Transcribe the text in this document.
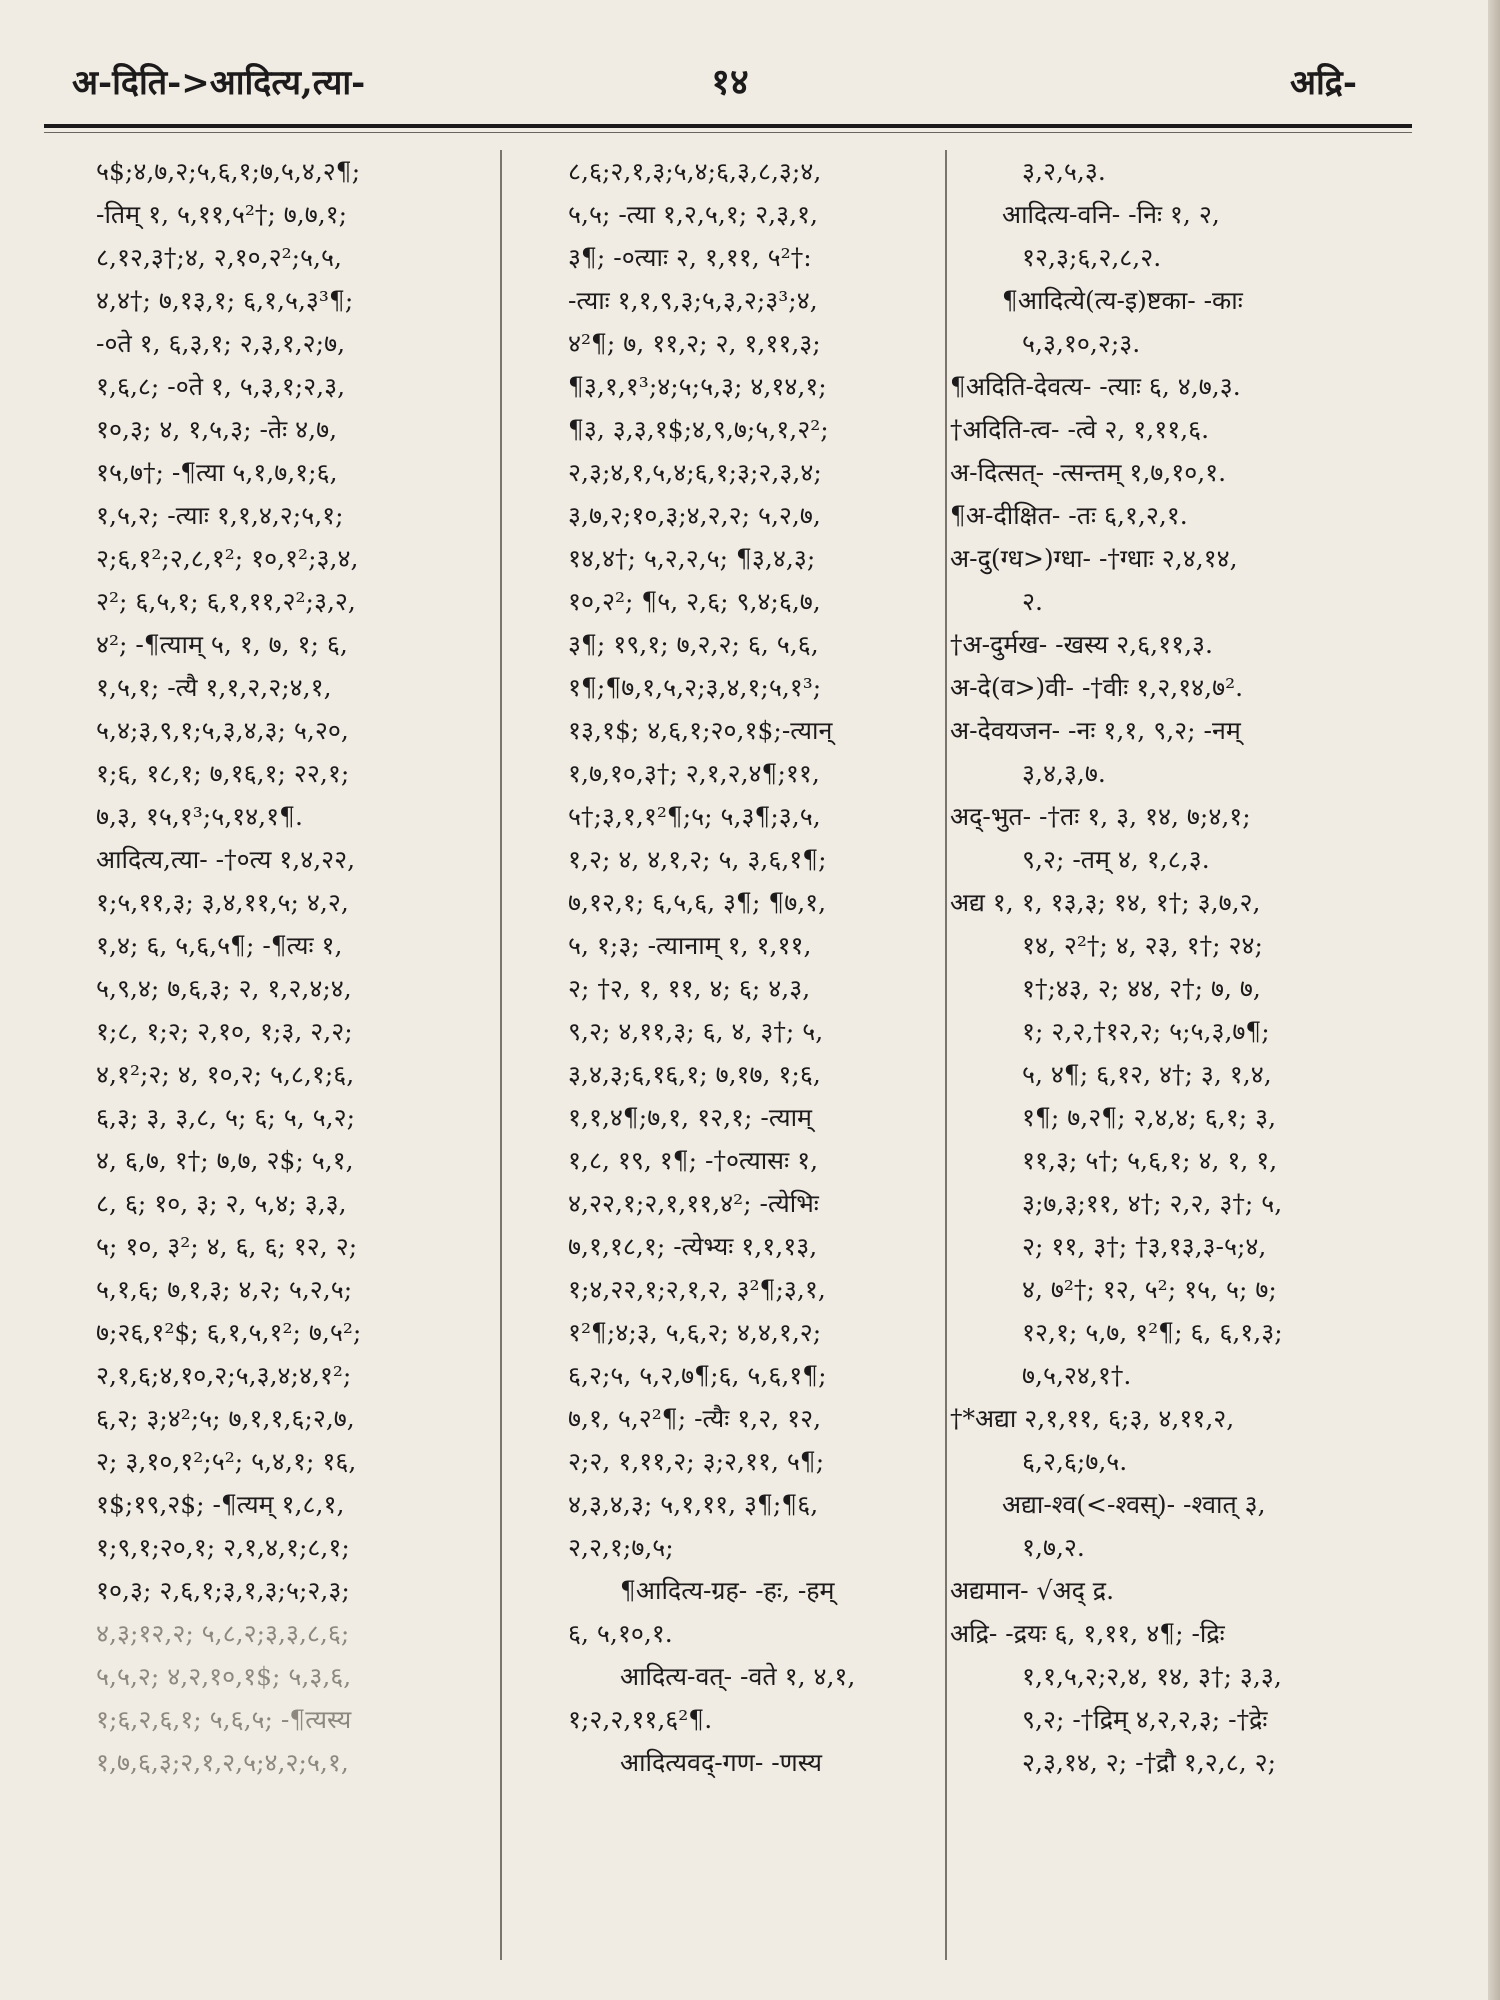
अ-दिति->आदित्य,त्या-	१४	अद्रि-
५$;४,७,२;५,६,१;७,५,४,२¶;
-तिम् १, ५,११,५²†; ७,७,१;
८,१२,३†;४, २,१०,२²;५,५,
४,४†; ७,१३,१; ६,१,५,३³¶;
-०ते १, ६,३,१; २,३,१,२;७,
१,६,८; -०ते १, ५,३,१;२,३,
१०,३; ४, १,५,३; -तेः ४,७,
१५,७†; -¶त्या ५,१,७,१;६,
१,५,२; -त्याः १,१,४,२;५,१;
२;६,१²;२,८,१²; १०,१²;३,४,
२²; ६,५,१; ६,१,११,२²;३,२,
४²; -¶त्याम् ५, १, ७, १; ६,
१,५,१; -त्यै १,१,२,२;४,१,
५,४;३,९,१;५,३,४,३; ५,२०,
१;६, १८,१; ७,१६,१; २२,१;
७,३, १५,१³;५,१४,१¶.
आदित्य,त्या- -†०त्य १,४,२२,
१;५,११,३; ३,४,११,५; ४,२,
१,४; ६, ५,६,५¶; -¶त्यः १,
५,९,४; ७,६,३; २, १,२,४;४,
१;८, १;२; २,१०, १;३, २,२;
४,१²;२; ४, १०,२; ५,८,१;६,
६,३; ३, ३,८, ५; ६; ५, ५,२;
४, ६,७, १†; ७,७, २$; ५,१,
८, ६; १०, ३; २, ५,४; ३,३,
५; १०, ३²; ४, ६, ६; १२, २;
५,१,६; ७,१,३; ४,२; ५,२,५;
७;२६,१²$; ६,१,५,१²; ७,५²;
२,१,६;४,१०,२;५,३,४;४,१²;
६,२; ३;४²;५; ७,१,१,६;२,७,
२; ३,१०,१²;५²; ५,४,१; १६,
१$;१९,२$; -¶त्यम् १,८,१,
१;९,१;२०,१; २,१,४,१;८,१;
१०,३; २,६,१;३,१,३;५;२,३;
४,३;१२,२; ५,८,२;३,३,८,६;
५,५,२; ४,२,१०,१$; ५,३,६,
१;६,२,६,१; ५,६,५; -¶त्यस्य
१,७,६,३;२,१,२,५;४,२;५,१,
८,६;२,१,३;५,४;६,३,८,३;४,
५,५; -त्या १,२,५,१; २,३,१,
३¶; -०त्याः २, १,११, ५²†:
-त्याः १,१,९,३;५,३,२;३³;४,
४²¶; ७, ११,२; २, १,११,३;
¶३,१,१³;४;५;५,३; ४,१४,१;
¶३, ३,३,१$;४,९,७;५,१,२²;
२,३;४,१,५,४;६,१;३;२,३,४;
३,७,२;१०,३;४,२,२; ५,२,७,
१४,४†; ५,२,२,५; ¶३,४,३;
१०,२²; ¶५, २,६; ९,४;६,७,
३¶; १९,१; ७,२,२; ६, ५,६,
१¶;¶७,१,५,२;३,४,१;५,१³;
१३,१$; ४,६,१;२०,१$;-त्यान्
१,७,१०,३†; २,१,२,४¶;११,
५†;३,१,१²¶;५; ५,३¶;३,५,
१,२; ४, ४,१,२; ५, ३,६,१¶;
७,१२,१; ६,५,६, ३¶; ¶७,१,
५, १;३; -त्यानाम् १, १,११,
२; †२, १, ११, ४; ६; ४,३,
९,२; ४,११,३; ६, ४, ३†; ५,
३,४,३;६,१६,१; ७,१७, १;६,
१,१,४¶;७,१, १२,१; -त्याम्
१,८, १९, १¶; -†०त्यासः १,
४,२२,१;२,१,११,४²; -त्येभिः
७,१,१८,१; -त्येभ्यः १,१,१३,
१;४,२२,१;२,१,२, ३²¶;३,१,
१²¶;४;३, ५,६,२; ४,४,१,२;
६,२;५, ५,२,७¶;६, ५,६,१¶;
७,१, ५,२²¶; -त्यैः १,२, १२,
२;२, १,११,२; ३;२,११, ५¶;
४,३,४,३; ५,१,११, ३¶;¶६,
२,२,१;७,५;
¶आदित्य-ग्रह- -हः, -हम्
६, ५,१०,१.
आदित्य-वत्- -वते १, ४,१,
१;२,२,११,६²¶.
आदित्यवद्-गण- -णस्य
३,२,५,३.
आदित्य-वनि- -निः १, २,
१२,३;६,२,८,२.
¶आदित्ये(त्य-इ)ष्टका- -काः
५,३,१०,२;३.
¶अदिति-देवत्य- -त्याः ६, ४,७,३.
†अदिति-त्व- -त्वे २, १,११,६.
अ-दित्सत्- -त्सन्तम् १,७,१०,१.
¶अ-दीक्षित- -तः ६,१,२,१.
अ-दु(ग्ध>)ग्धा- -†ग्धाः २,४,१४,
२.
†अ-दुर्मख- -खस्य २,६,११,३.
अ-दे(व>)वी- -†वीः १,२,१४,७².
अ-देवयजन- -नः १,१, ९,२; -नम्
३,४,३,७.
अद्-भुत- -†तः १, ३, १४, ७;४,१;
९,२; -तम् ४, १,८,३.
अद्य १, १, १३,३; १४, १†; ३,७,२,
१४, २²†; ४, २३, १†; २४;
१†;४३, २; ४४, २†; ७, ७,
१; २,२,†१२,२; ५;५,३,७¶;
५, ४¶; ६,१२, ४†; ३, १,४,
१¶; ७,२¶; २,४,४; ६,१; ३,
११,३; ५†; ५,६,१; ४, १, १,
३;७,३;११, ४†; २,२, ३†; ५,
२; ११, ३†; †३,१३,३-५;४,
४, ७²†; १२, ५²; १५, ५; ७;
१२,१; ५,७, १²¶; ६, ६,१,३;
७,५,२४,१†.
†*अद्या २,१,११, ६;३, ४,११,२,
६,२,६;७,५.
अद्या-श्व(<-श्वस्)- -श्वात् ३,
१,७,२.
अद्यमान- √अद् द्र.
अद्रि- -द्रयः ६, १,११, ४¶; -द्रिः
१,१,५,२;२,४, १४, ३†; ३,३,
९,२; -†द्रिम् ४,२,२,३; -†द्रेः
२,३,१४, २; -†द्रौ १,२,८, २;
